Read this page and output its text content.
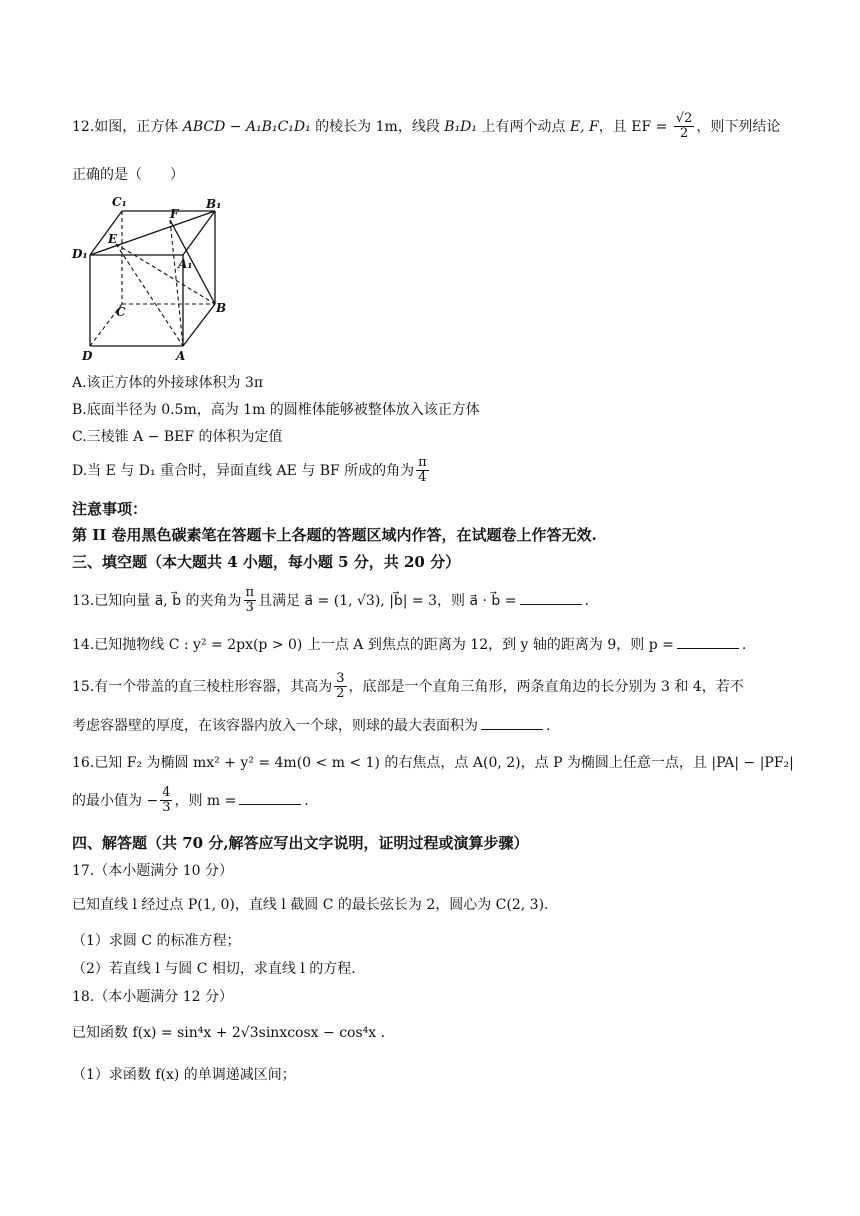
12.如图，正方体 ABCD − A₁B₁C₁D₁ 的棱长为 1m，线段 B₁D₁ 上有两个动点 E, F，且 EF = $\frac{√2}{2}$ ，则下列结论
正确的是（　　）
C₁
F
B₁
D₁
E
A₁
C	B
D	A
A.该正方体的外接球体积为 3π
B.底面半径为 0.5m，高为 1m 的圆椎体能够被整体放入该正方体
C.三棱锥 A − BEF 的体积为定值
D.当 E 与 D₁ 重合时，异面直线 AE 与 BF 所成的角为 $\frac{\pi}{4}$
注意事项：
第 II 卷用黑色碳素笔在答题卡上各题的答题区域内作答，在试题卷上作答无效.
三、填空题（本大题共 4 小题，每小题 5 分，共 20 分）
13.已知向量 a⃗, b⃗ 的夹角为 $\frac{\pi}{3}$ 且满足 a⃗ = (1, √3), |b⃗| = 3，则 a⃗ · b⃗ =	.
14.已知抛物线 C : y² = 2px(p > 0) 上一点 A 到焦点的距离为 12，到 y 轴的距离为 9，则 p =	.
15.有一个带盖的直三棱柱形容器，其高为 $\frac{3}{2}$ ，底部是一个直角三角形，两条直角边的长分别为 3 和 4，若不
考虑容器壁的厚度，在该容器内放入一个球，则球的最大表面积为	.
16.已知 F₂ 为椭圆 mx² + y² = 4m(0 < m < 1) 的右焦点，点 A(0, 2)，点 P 为椭圆上任意一点，且 |PA| − |PF₂|
的最小值为 − $\frac{4}{3}$ ，则 m =	.
四、解答题（共 70 分,解答应写出文字说明，证明过程或演算步骤）
17.（本小题满分 10 分）
已知直线 l 经过点 P(1, 0)，直线 l 截圆 C 的最长弦长为 2，圆心为 C(2, 3).
（1）求圆 C 的标准方程；
（2）若直线 l 与圆 C 相切，求直线 l 的方程.
18.（本小题满分 12 分）
已知函数 f(x) = sin⁴x + 2√3sinxcosx − cos⁴x .
（1）求函数 f(x) 的单调递减区间；
